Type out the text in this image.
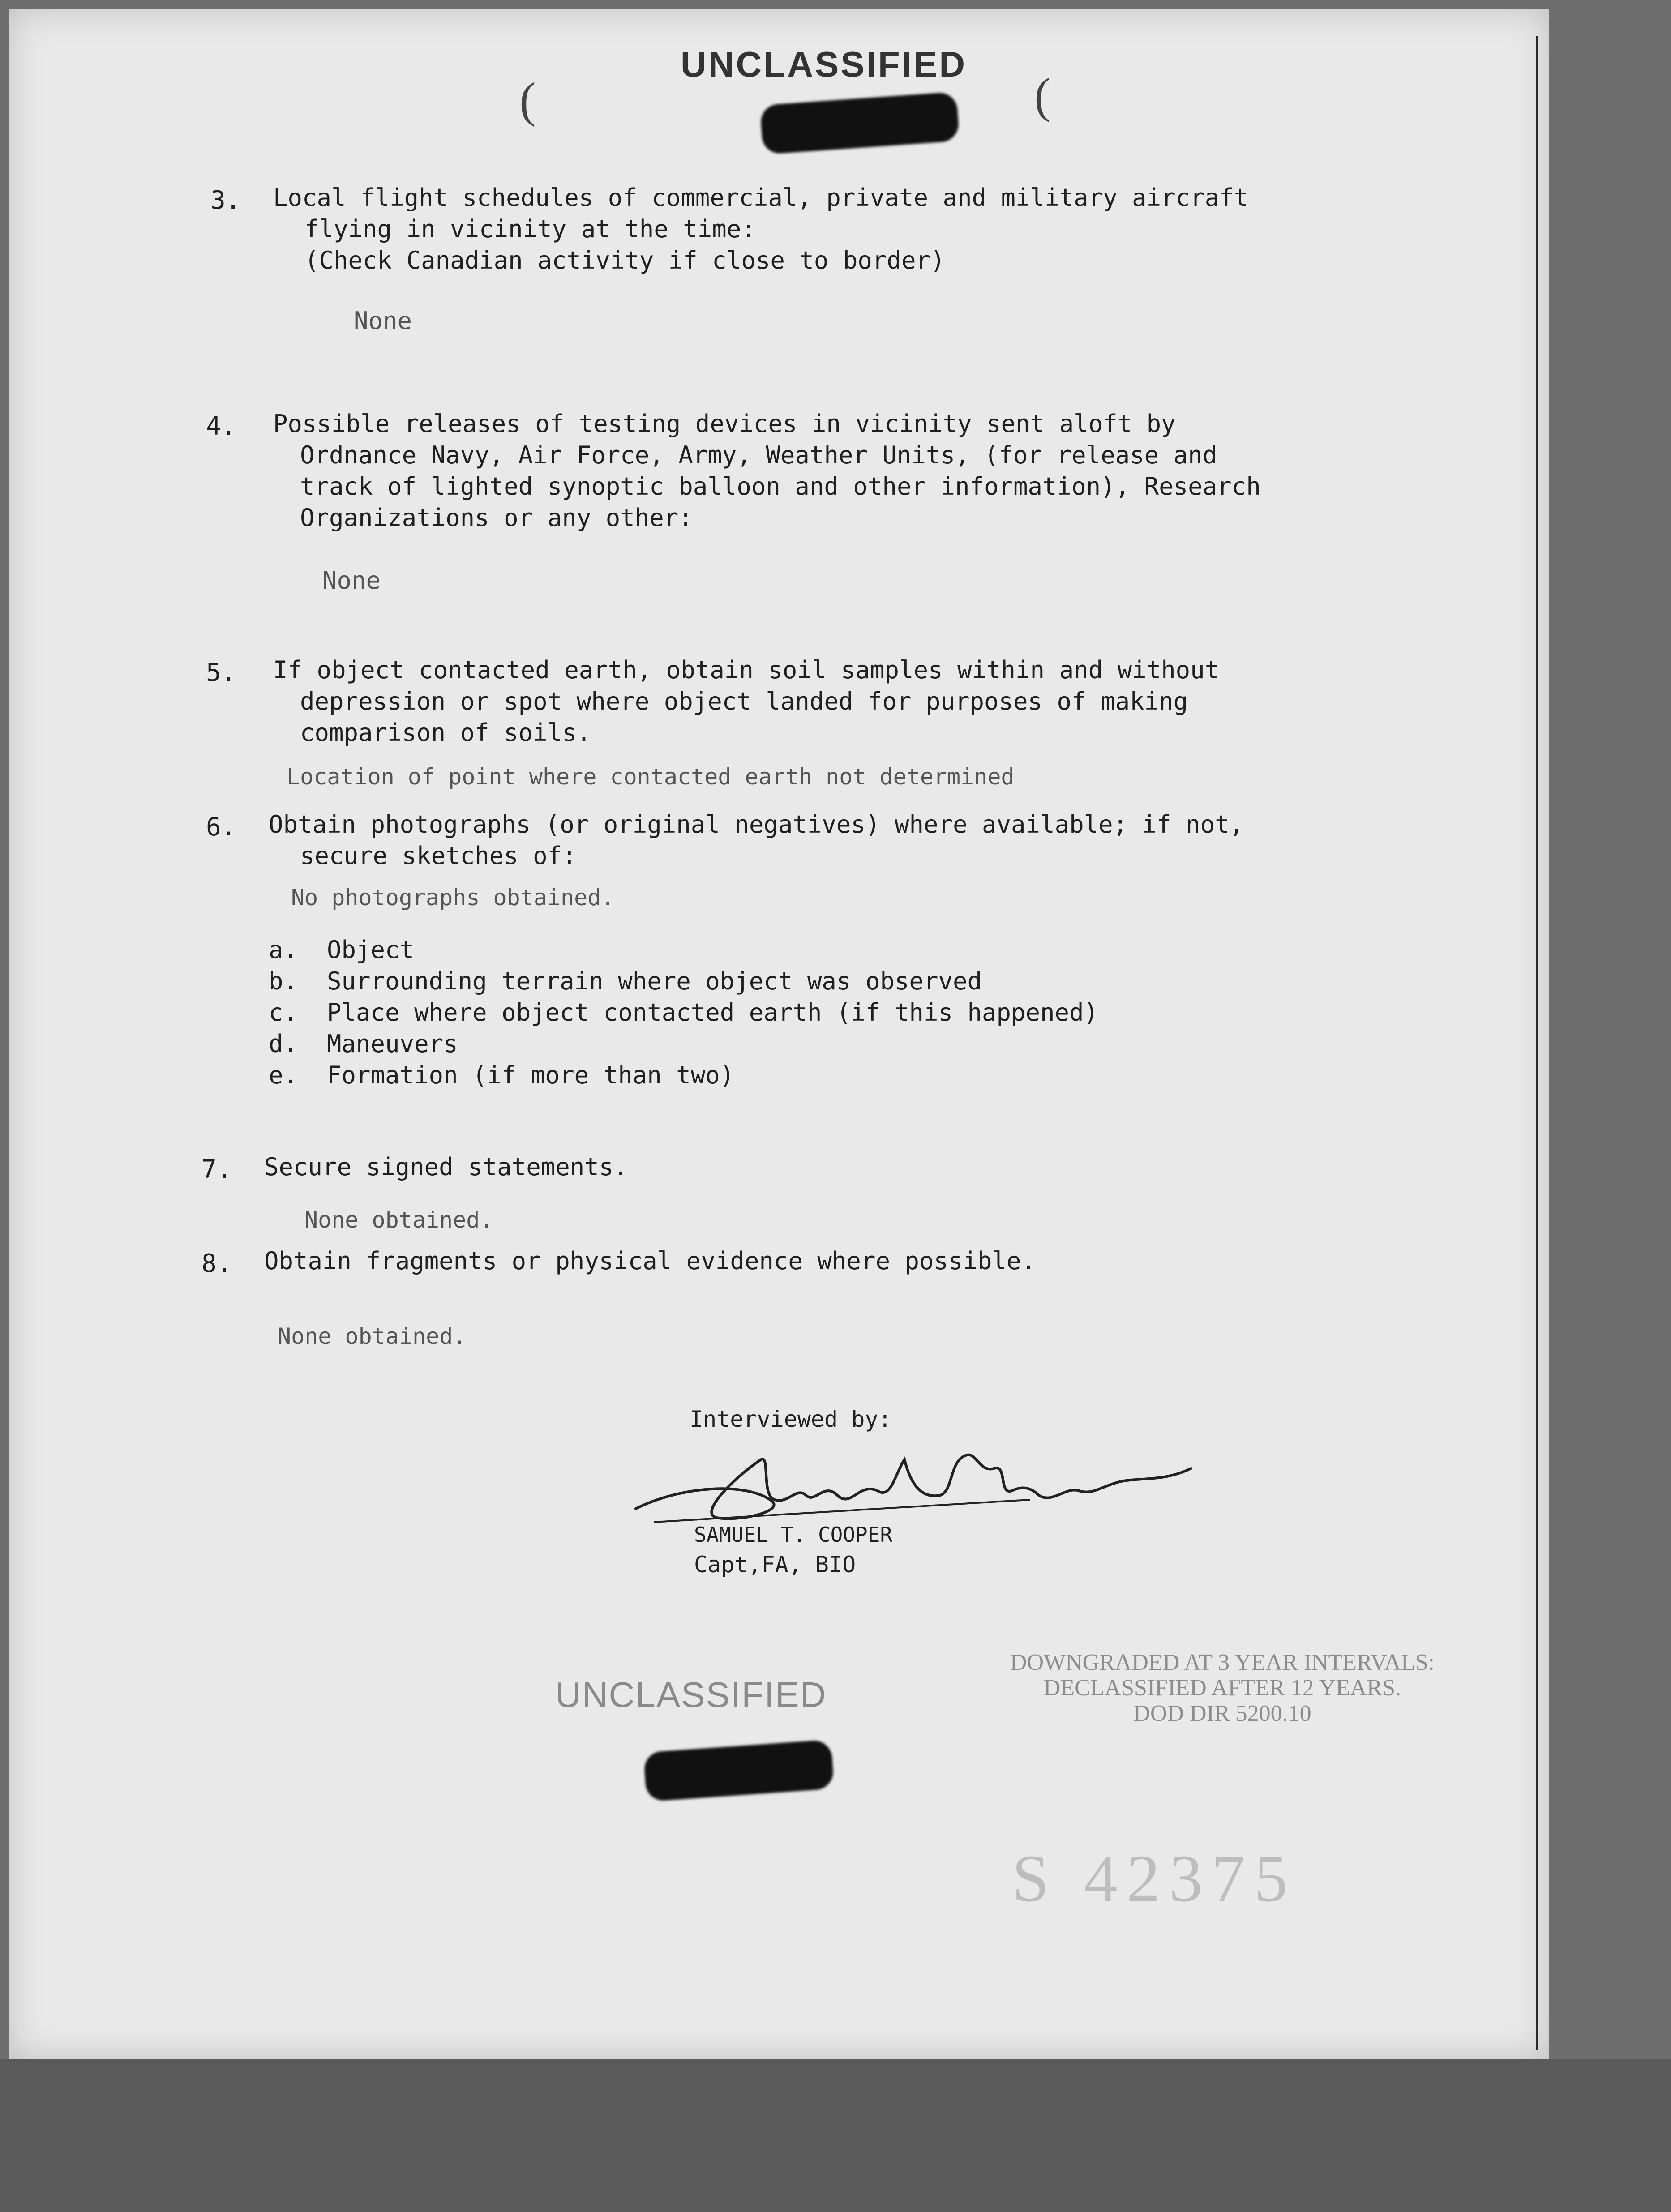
UNCLASSIFIED
(	(
3. Local flight schedules of commercial, private and military aircraft
flying in vicinity at the time:
(Check Canadian activity if close to border)
None
4. Possible releases of testing devices in vicinity sent aloft by
Ordnance Navy, Air Force, Army, Weather Units, (for release and
track of lighted synoptic balloon and other information), Research
Organizations or any other:
None
5. If object contacted earth, obtain soil samples within and without
depression or spot where object landed for purposes of making
comparison of soils.
Location of point where contacted earth not determined
6. Obtain photographs (or original negatives) where available; if not,
secure sketches of:
No photographs obtained.
a. Object
b. Surrounding terrain where object was observed
c. Place where object contacted earth (if this happened)
d. Maneuvers
e. Formation (if more than two)
7. Secure signed statements.
None obtained.
8. Obtain fragments or physical evidence where possible.
None obtained.
Interviewed by:
SAMUEL T. COOPER
Capt,FA, BIO
UNCLASSIFIED
DOWNGRADED AT 3 YEAR INTERVALS:
DECLASSIFIED AFTER 12 YEARS.
DOD DIR 5200.10
S 42375
